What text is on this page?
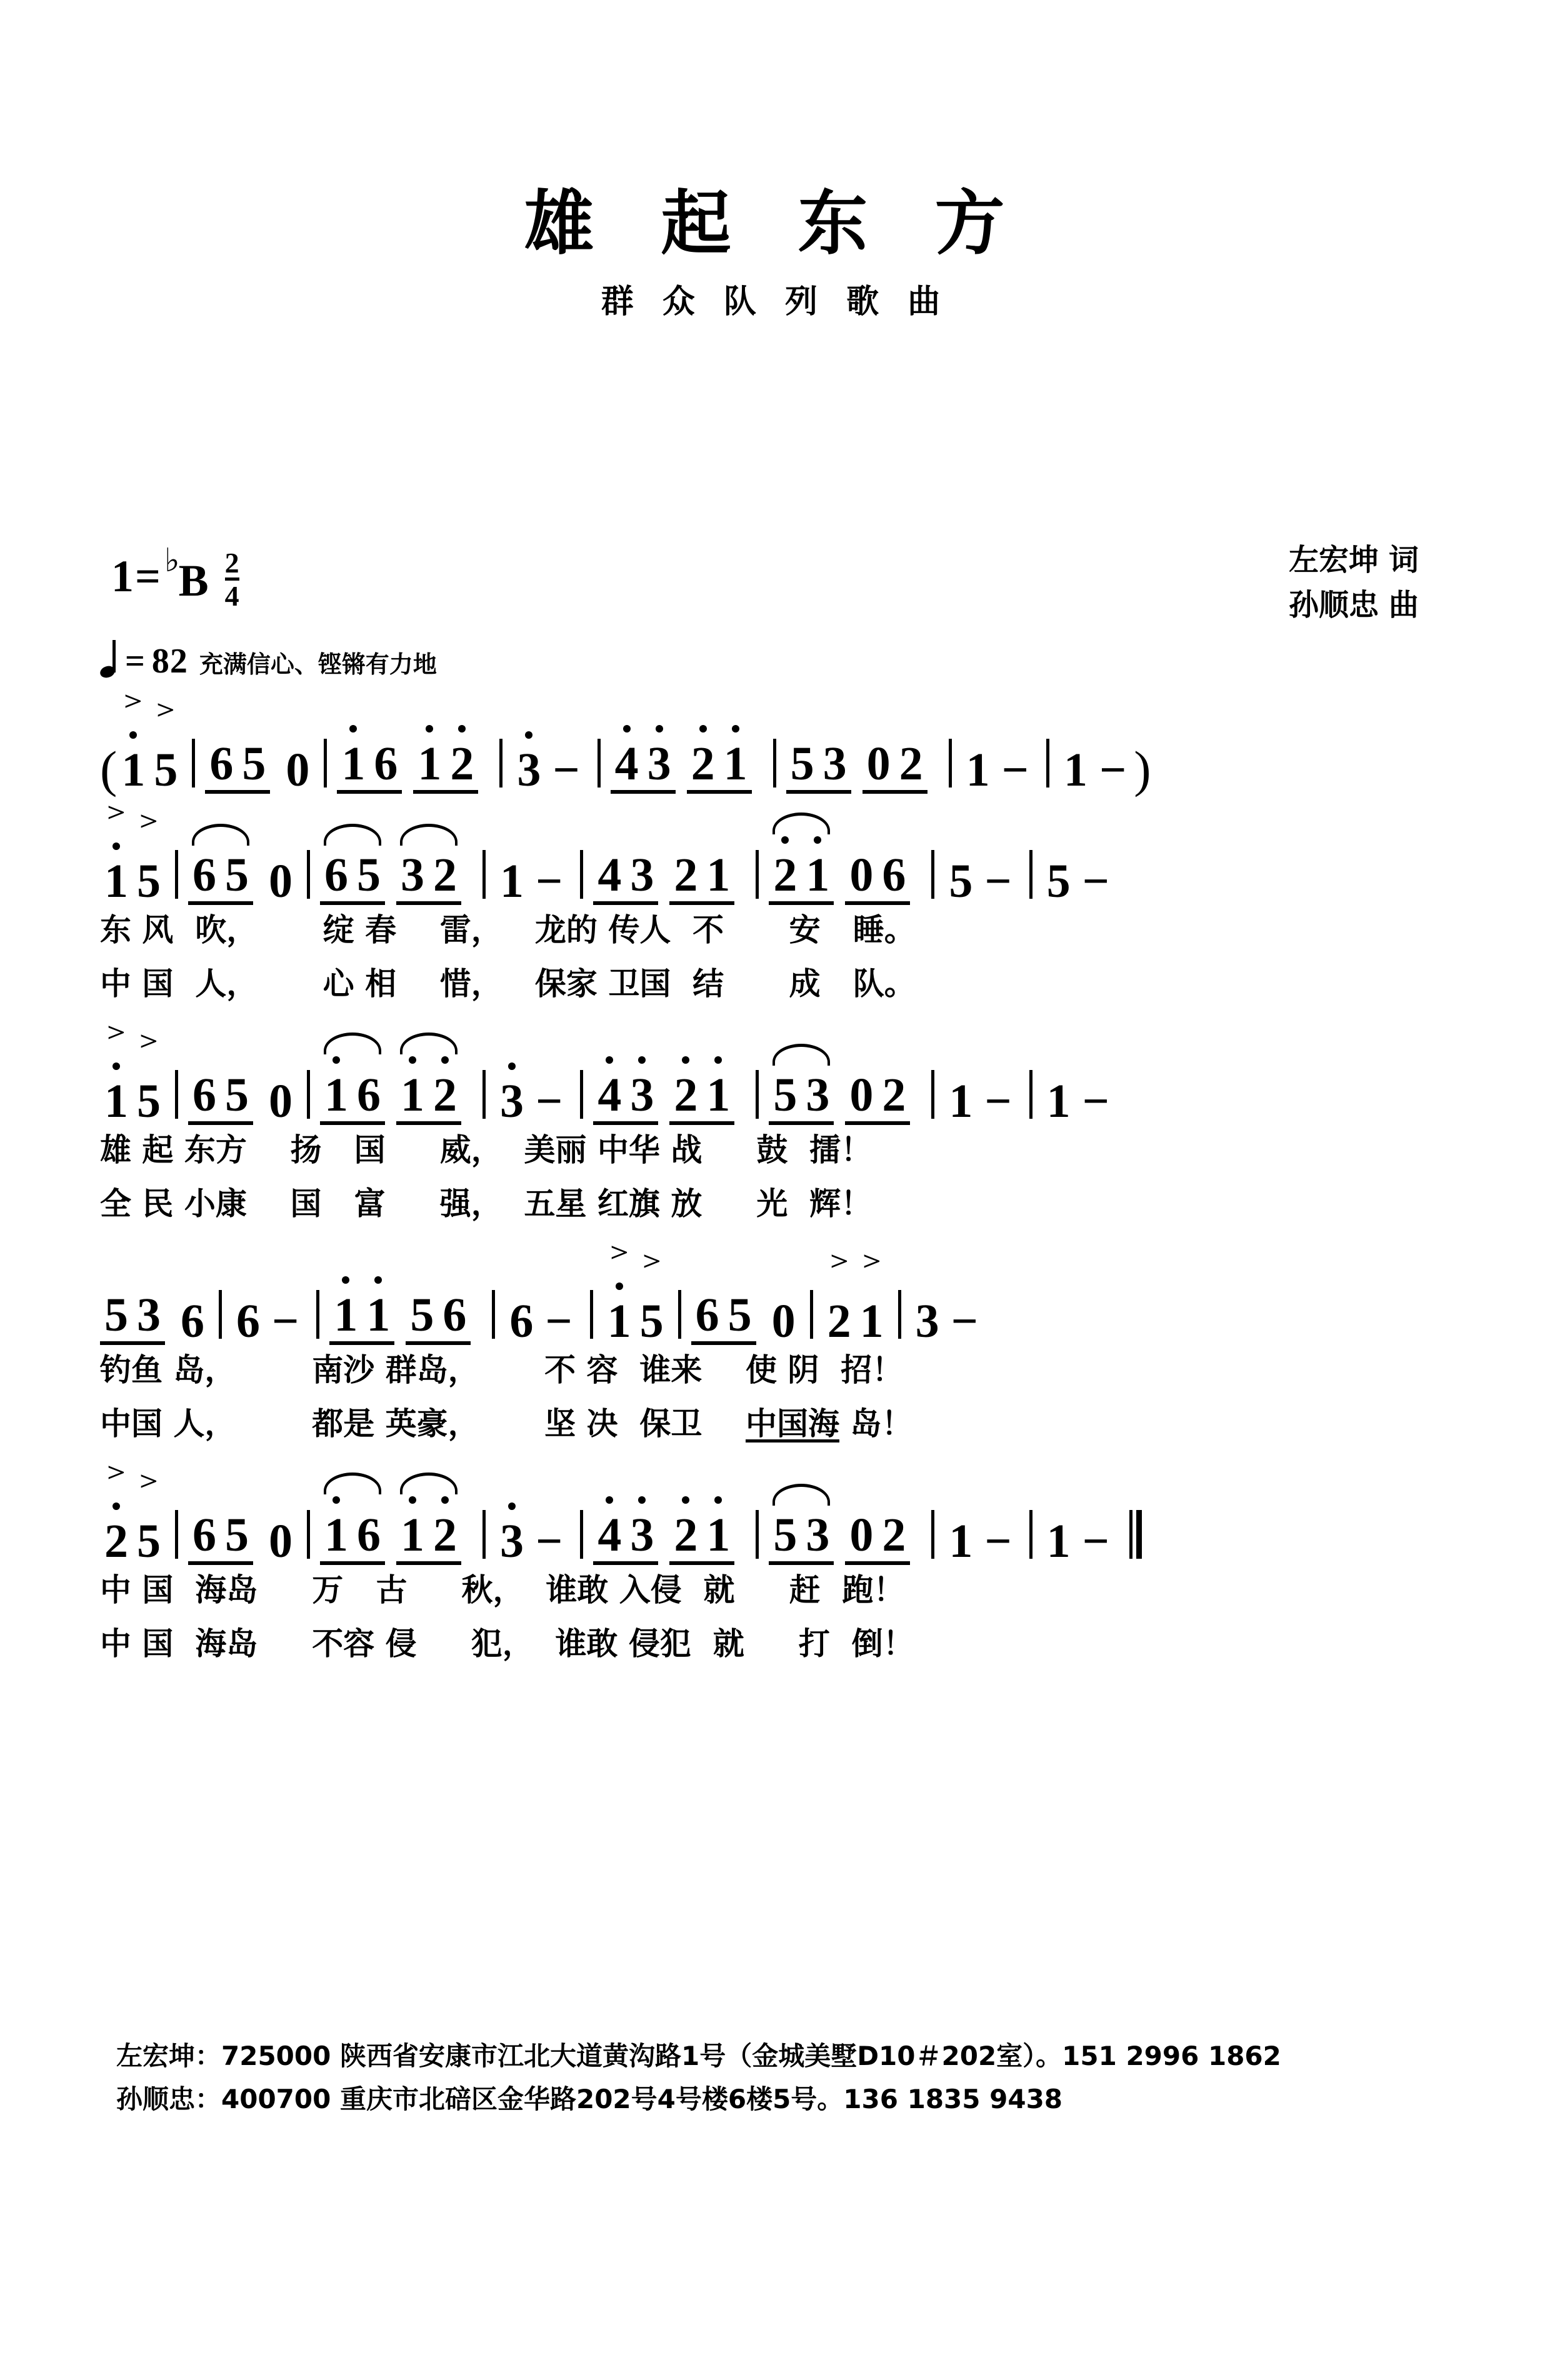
雄 起 东 方
群 众 队 列 歌 曲
左宏坤 词
孙顺忠 曲
$1= ^♭B \frac{2}{4}$
= 82 充满信心、铿锵有力地
( 1 > 5 > 6 5 0 1 6 1 2 3 − 4 3 2 1 5 3 0 2 1 − 1 − )
1 > 5 > 6 5 0 6 5 3 2 1 − 4 3 2 1 2 1 0 6 5 − 5 −
东 风  吹，      绽 春    雷，   龙的 传人  不      安   睡。
中 国  人，      心 相    惜，   保家 卫国  结      成   队。
1 > 5 > 6 5 0 1 6 1 2 3 − 4 3 2 1 5 3 0 2 1 − 1 −
雄 起 东方    扬   国     威，  美丽 中华 战     鼓  擂！
全 民 小康    国   富     强，  五星 红旗 放     光  辉！
5 3 6 6 − 1 1 5 6 6 − 1 > 5 > 6 5 0 2 > 1 > 3 −
钓鱼 岛，       南沙 群岛，      不 容  谁来    使 阴  招！
中国 人，       都是 英豪，      坚 决  保卫    中国海 岛！
2 > 5 > 6 5 0 1 6 1 2 3 − 4 3 2 1 5 3 0 2 1 − 1 −
中 国  海岛     万   古     秋，  谁敢 入侵  就     赶  跑！
中 国  海岛     不容 侵     犯，  谁敢 侵犯  就     打  倒！
左宏坤：725000 陕西省安康市江北大道黄沟路1号（金城美墅D10＃202室）。151 2996 1862
孙顺忠：400700 重庆市北碚区金华路202号4号楼6楼5号。136 1835 9438
